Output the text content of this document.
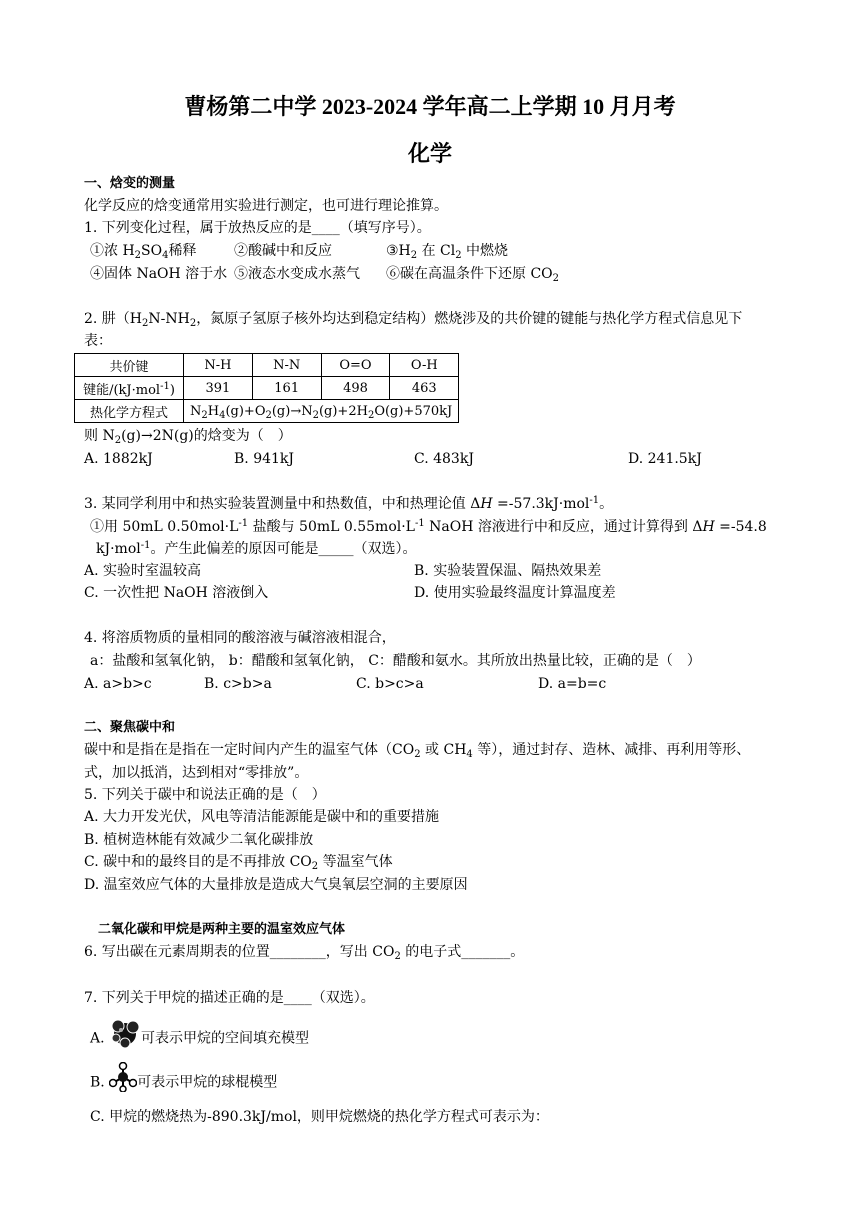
曹杨第二中学 2023-2024 学年高二上学期 10 月月考
化学
一、焓变的测量
化学反应的焓变通常用实验进行测定，也可进行理论推算。
1. 下列变化过程，属于放热反应的是____（填写序号）。
①浓 $H_2SO_4$稀释	②酸碱中和反应	$③H_2$ 在 $Cl_2$ 中燃烧
④固体 NaOH 溶于水 ⑤液态水变成水蒸气 ⑥碳在高温条件下还原 $CO_2$
2. 肼（$H_2N-NH_2$，氮原子氢原子核外均达到稳定结构）燃烧涉及的共价键的键能与热化学方程式信息见下
表：
共价键	N-H	N-N	O=O	O-H
键能/(kJ·mol$^{-1}$)	391	161	498	463
热化学方程式	$N_2H_4(g)+O_2(g)\to N_2(g)+2H_2O(g)+570kJ$			
则 $N_2(g)\to 2N(g)$的焓变为（　）
A. 1882kJ	B. 941kJ	C. 483kJ	D. 241.5kJ
3. 某同学利用中和热实验装置测量中和热数值，中和热理论值 ΔH =-57.3kJ·mol$^{-1}$。
①用 50mL $0.50mol\cdot L^{-1}$ 盐酸与 50mL $0.55mol\cdot L^{-1}$ NaOH 溶液进行中和反应，通过计算得到 ΔH =-54.8
kJ·mol$^{-1}$。产生此偏差的原因可能是_____（双选）。
A. 实验时室温较高	B. 实验装置保温、隔热效果差
C. 一次性把 NaOH 溶液倒入	D. 使用实验最终温度计算温度差
4. 将溶质物质的量相同的酸溶液与碱溶液相混合，
a：盐酸和氢氧化钠， b：醋酸和氢氧化钠， C：醋酸和氨水。其所放出热量比较，正确的是（　）
A. a>b>c	B. c>b>a	C. b>c>a	D. a=b=c
二、聚焦碳中和
碳中和是指在是指在一定时间内产生的温室气体（$CO_2$ 或 $CH_4$ 等），通过封存、造林、减排、再利用等形、
式，加以抵消，达到相对“零排放”。
5. 下列关于碳中和说法正确的是（　）
A. 大力开发光伏，风电等清洁能源能是碳中和的重要措施
B. 植树造林能有效减少二氧化碳排放
C. 碳中和的最终目的是不再排放 $CO_2$ 等温室气体
D. 温室效应气体的大量排放是造成大气臭氧层空洞的主要原因
二氧化碳和甲烷是两种主要的温室效应气体
6. 写出碳在元素周期表的位置________，写出 $CO_2$ 的电子式_______。
7. 下列关于甲烷的描述正确的是____（双选）。
A.	可表示甲烷的空间填充模型
B. 可表示甲烷的球棍模型
C. 甲烷的燃烧热为-890.3kJ/mol，则甲烷燃烧的热化学方程式可表示为：
